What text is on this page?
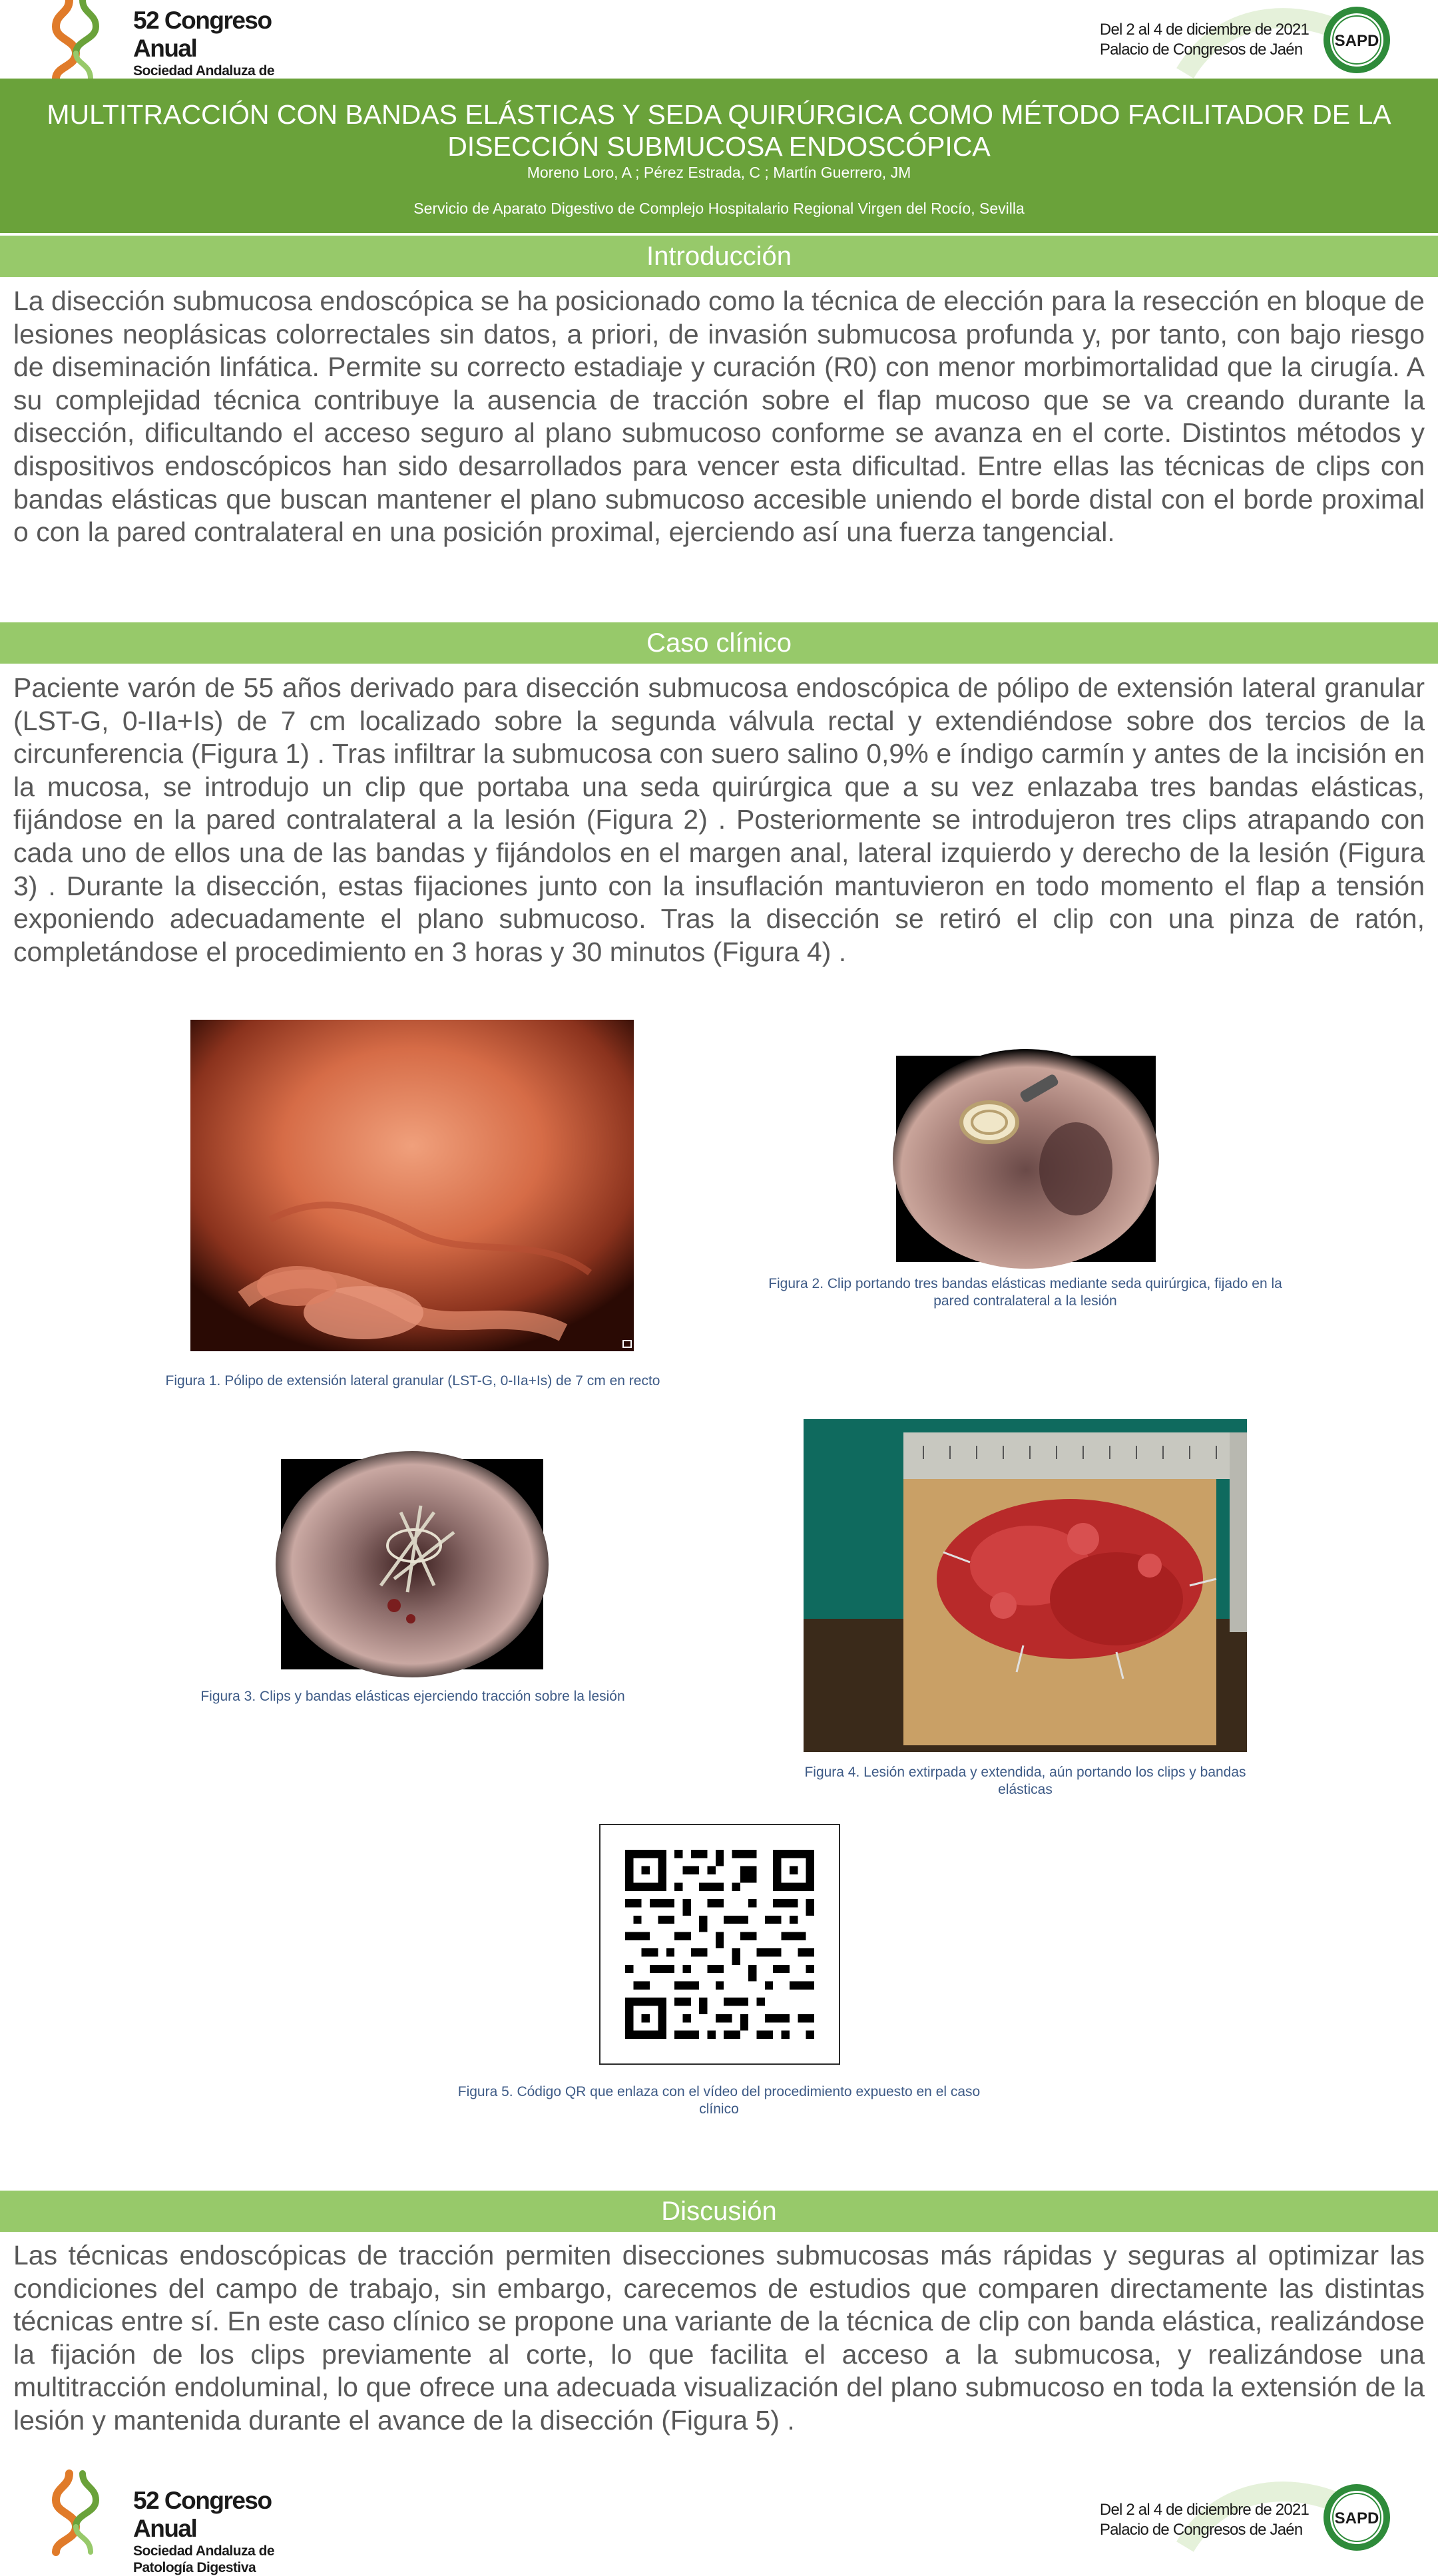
52 Congreso Anual
Sociedad Andaluza de
Del 2 al 4 de diciembre de 2021
Palacio de Congresos de Jaén	SAPD
MULTITRACCIÓN CON BANDAS ELÁSTICAS Y SEDA QUIRÚRGICA COMO MÉTODO FACILITADOR DE LA DISECCIÓN SUBMUCOSA ENDOSCÓPICA
Moreno Loro, A ; Pérez Estrada, C ; Martín Guerrero, JM
Servicio de Aparato Digestivo de Complejo Hospitalario Regional Virgen del Rocío, Sevilla
Introducción
La disección submucosa endoscópica se ha posicionado como la técnica de elección para la resección en bloque de lesiones neoplásicas colorrectales sin datos, a priori, de invasión submucosa profunda y, por tanto, con bajo riesgo de diseminación linfática. Permite su correcto estadiaje y curación (R0) con menor morbimortalidad que la cirugía. A su complejidad técnica contribuye la ausencia de tracción sobre el flap mucoso que se va creando durante la disección, dificultando el acceso seguro al plano submucoso conforme se avanza en el corte. Distintos métodos y dispositivos endoscópicos han sido desarrollados para vencer esta dificultad. Entre ellas las técnicas de clips con bandas elásticas que buscan mantener el plano submucoso accesible uniendo el borde distal con el borde proximal o con la pared contralateral en una posición proximal, ejerciendo así una fuerza tangencial.
Caso clínico
Paciente varón de 55 años derivado para disección submucosa endoscópica de pólipo de extensión lateral granular (LST-G, 0-IIa+Is) de 7 cm localizado sobre la segunda válvula rectal y extendiéndose sobre dos tercios de la circunferencia (Figura 1) . Tras infiltrar la submucosa con suero salino 0,9% e índigo carmín y antes de la incisión en la mucosa, se introdujo un clip que portaba una seda quirúrgica que a su vez enlazaba tres bandas elásticas, fijándose en la pared contralateral a la lesión (Figura 2) . Posteriormente se introdujeron tres clips atrapando con cada uno de ellos una de las bandas y fijándolos en el margen anal, lateral izquierdo y derecho de la lesión (Figura 3) . Durante la disección, estas fijaciones junto con la insuflación mantuvieron en todo momento el flap a tensión exponiendo adecuadamente el plano submucoso. Tras la disección se retiró el clip con una pinza de ratón, completándose el procedimiento en 3 horas y 30 minutos (Figura 4) .
Figura 1. Pólipo de extensión lateral granular (LST-G, 0-IIa+Is) de 7 cm en recto
Figura 2. Clip portando tres bandas elásticas mediante seda quirúrgica, fijado en la pared contralateral a la lesión
Figura 3. Clips y bandas elásticas ejerciendo tracción sobre la lesión
Figura 4. Lesión extirpada y extendida, aún portando los clips y bandas elásticas
Figura 5. Código QR que enlaza con el vídeo del procedimiento expuesto en el caso clínico
Discusión
Las técnicas endoscópicas de tracción permiten disecciones submucosas más rápidas y seguras al optimizar las condiciones del campo de trabajo, sin embargo, carecemos de estudios que comparen directamente las distintas técnicas entre sí. En este caso clínico se propone una variante de la técnica de clip con banda elástica, realizándose la fijación de los clips previamente al corte, lo que facilita el acceso a la submucosa, y realizándose una multitracción endoluminal, lo que ofrece una adecuada visualización del plano submucoso en toda la extensión de la lesión y mantenida durante el avance de la disección (Figura 5) .
52 Congreso Anual
Sociedad Andaluza de
Patología Digestiva
Del 2 al 4 de diciembre de 2021
Palacio de Congresos de Jaén
SAPD
